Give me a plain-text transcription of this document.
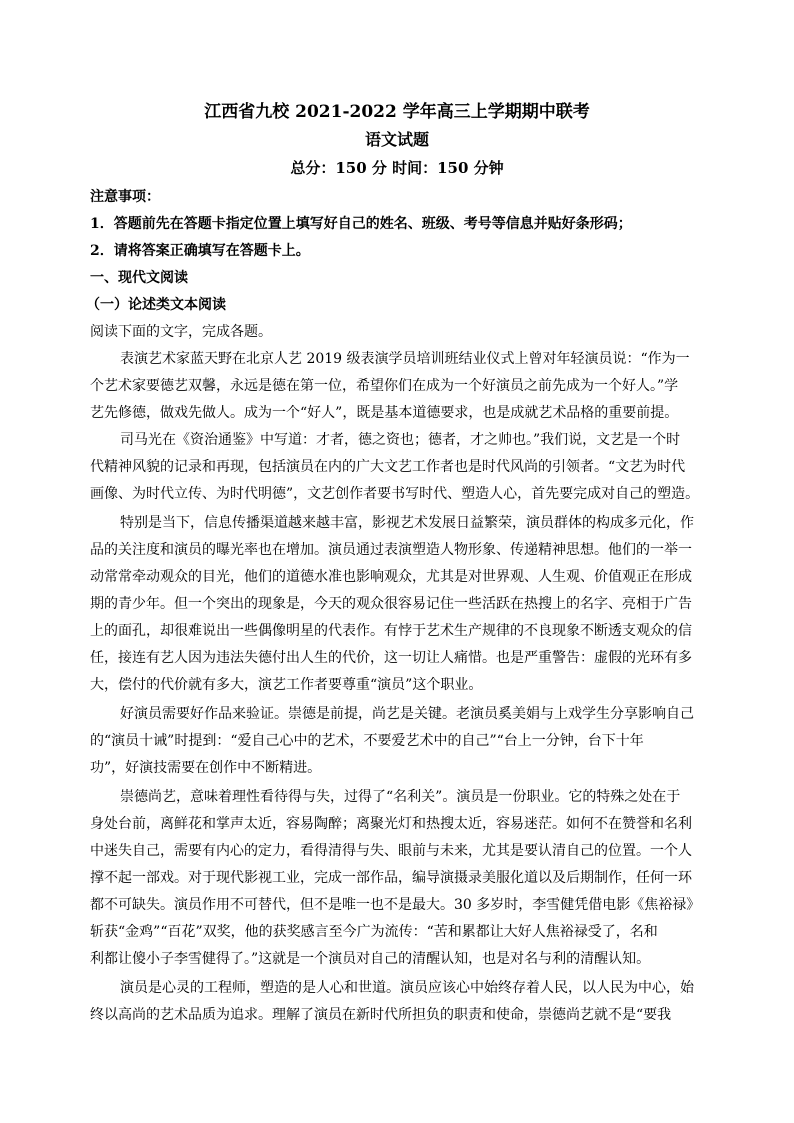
江西省九校 2021-2022 学年高三上学期期中联考
语文试题
总分：150 分 时间：150 分钟
注意事项：
1．答题前先在答题卡指定位置上填写好自己的姓名、班级、考号等信息并贴好条形码；
2．请将答案正确填写在答题卡上。
一、现代文阅读
（一）论述类文本阅读
阅读下面的文字，完成各题。
表演艺术家蓝天野在北京人艺 2019 级表演学员培训班结业仪式上曾对年轻演员说：“作为一
个艺术家要德艺双馨，永远是德在第一位，希望你们在成为一个好演员之前先成为一个好人。”学
艺先修德，做戏先做人。成为一个“好人”，既是基本道德要求，也是成就艺术品格的重要前提。
司马光在《资治通鉴》中写道：才者，德之资也；德者，才之帅也。”我们说，文艺是一个时
代精神风貌的记录和再现，包括演员在内的广大文艺工作者也是时代风尚的引领者。“文艺为时代
画像、为时代立传、为时代明德”，文艺创作者要书写时代、塑造人心，首先要完成对自己的塑造。
特别是当下，信息传播渠道越来越丰富，影视艺术发展日益繁荣，演员群体的构成多元化，作
品的关注度和演员的曝光率也在增加。演员通过表演塑造人物形象、传递精神思想。他们的一举一
动常常牵动观众的目光，他们的道德水准也影响观众，尤其是对世界观、人生观、价值观正在形成
期的青少年。但一个突出的现象是，今天的观众很容易记住一些活跃在热搜上的名字、亮相于广告
上的面孔，却很难说出一些偶像明星的代表作。有悖于艺术生产规律的不良现象不断透支观众的信
任，接连有艺人因为违法失德付出人生的代价，这一切让人痛惜。也是严重警告：虚假的光环有多
大，偿付的代价就有多大，演艺工作者要尊重“演员”这个职业。
好演员需要好作品来验证。崇德是前提，尚艺是关键。老演员奚美娟与上戏学生分享影响自己
的“演员十诫”时提到：“爱自己心中的艺术，不要爱艺术中的自己”“台上一分钟，台下十年
功”，好演技需要在创作中不断精进。
崇德尚艺，意味着理性看待得与失，过得了“名利关”。演员是一份职业。它的特殊之处在于
身处台前，离鲜花和掌声太近，容易陶醉；离聚光灯和热搜太近，容易迷茫。如何不在赞誉和名利
中迷失自己，需要有内心的定力，看得清得与失、眼前与未来，尤其是要认清自己的位置。一个人
撑不起一部戏。对于现代影视工业，完成一部作品，编导演摄录美服化道以及后期制作，任何一环
都不可缺失。演员作用不可替代，但不是唯一也不是最大。30 多岁时，李雪健凭借电影《焦裕禄》
斩获“金鸡”“百花”双奖，他的获奖感言至今广为流传：“苦和累都让大好人焦裕禄受了，名和
利都让傻小子李雪健得了。”这就是一个演员对自己的清醒认知，也是对名与利的清醒认知。
演员是心灵的工程师，塑造的是人心和世道。演员应该心中始终存着人民，以人民为中心，始
终以高尚的艺术品质为追求。理解了演员在新时代所担负的职责和使命，崇德尚艺就不是“要我
